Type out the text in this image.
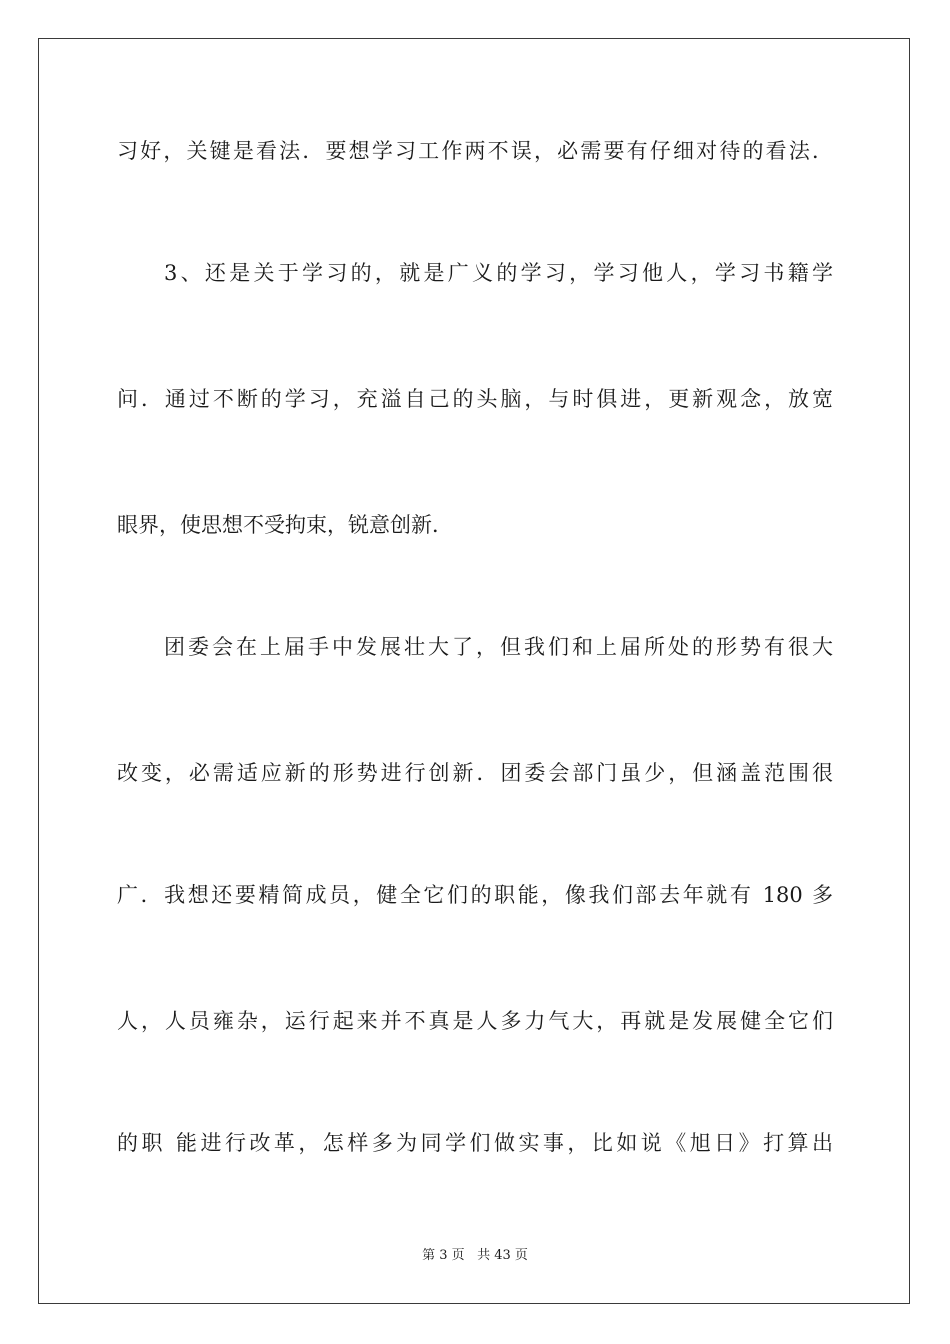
习好，关键是看法．要想学习工作两不误，必需要有仔细对待的看法．

3、还是关于学习的，就是广义的学习，学习他人，学习书籍学

问．通过不断的学习，充溢自己的头脑，与时俱进，更新观念，放宽

眼界，使思想不受拘束，锐意创新．

团委会在上届手中发展壮大了，但我们和上届所处的形势有很大

改变，必需适应新的形势进行创新．团委会部门虽少，但涵盖范围很

广．我想还要精简成员，健全它们的职能，像我们部去年就有 180 多

人，人员雍杂，运行起来并不真是人多力气大，再就是发展健全它们

的职 能进行改革，怎样多为同学们做实事，比如说《旭日》打算出

第 3 页 共 43 页
